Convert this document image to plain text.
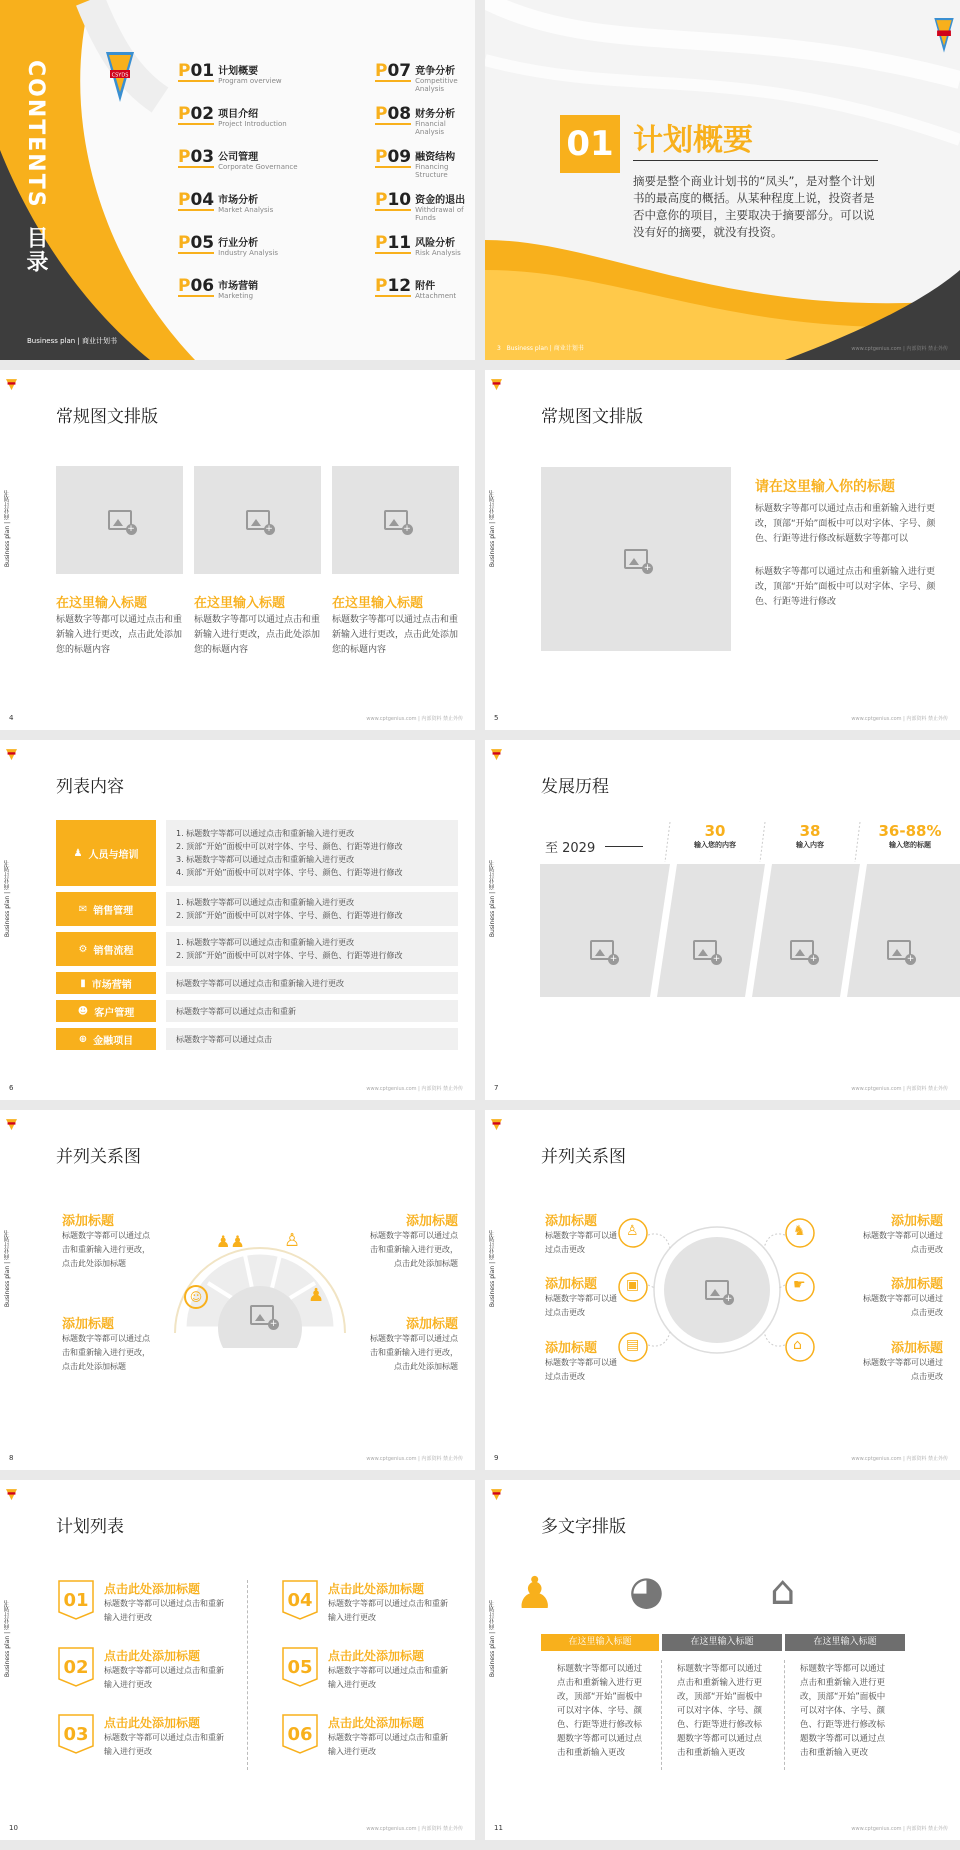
CONTENTS 目录
Business plan | 商业计划书
CSYDS	P01 计划概要
Program overview
P02 项目介绍
Project Introduction
P03 公司管理
Corporate Governance
P04 市场分析
Market Analysis
P05 行业分析
Industry Analysis
P06 市场营销
Marketing
P07 竞争分析
Competitive Analysis
P08 财务分析
Financial Analysis
P09 融资结构
Financing Structure
P10 资金的退出
Withdrawal of Funds
P11 风险分析
Risk Analysis
P12 附件
Attachment
01 计划概要
摘要是整个商业计划书的“凤头”，是对整个计划书的最高度的概括。从某种程度上说，投资者是否中意你的项目，主要取决于摘要部分。可以说没有好的摘要，就没有投资。
3 Business plan | 商业计划书	www.cptgenius.com | 内部资料 禁止外传
Business plan | 商业计划书
常规图文排版
+
在这里输入标题
标题数字等都可以通过点击和重新输入进行更改，点击此处添加您的标题内容
+
在这里输入标题
标题数字等都可以通过点击和重新输入进行更改，点击此处添加您的标题内容
+
在这里输入标题
标题数字等都可以通过点击和重新输入进行更改，点击此处添加您的标题内容
4	www.cptgenius.com | 内部资料 禁止外传
Business plan | 商业计划书
常规图文排版
+
请在这里输入你的标题
标题数字等都可以通过点击和重新输入进行更改，顶部“开始”面板中可以对字体、字号、颜色、行距等进行修改标题数字等都可以
标题数字等都可以通过点击和重新输入进行更改，顶部“开始”面板中可以对字体、字号、颜色、行距等进行修改
5	www.cptgenius.com | 内部资料 禁止外传
Business plan | 商业计划书
列表内容
♟ 人员与培训
1. 标题数字等都可以通过点击和重新输入进行更改
2. 顶部“开始”面板中可以对字体、字号、颜色、行距等进行修改
3. 标题数字等都可以通过点击和重新输入进行更改
4. 顶部“开始”面板中可以对字体、字号、颜色、行距等进行修改
✉ 销售管理
1. 标题数字等都可以通过点击和重新输入进行更改
2. 顶部“开始”面板中可以对字体、字号、颜色、行距等进行修改
⚙ 销售流程
1. 标题数字等都可以通过点击和重新输入进行更改
2. 顶部“开始”面板中可以对字体、字号、颜色、行距等进行修改
▮ 市场营销	标题数字等都可以通过点击和重新输入进行更改
☻ 客户管理	标题数字等都可以通过点击和重新
⊕ 金融项目	标题数字等都可以通过点击
6	www.cptgenius.com | 内部资料 禁止外传
Business plan | 商业计划书
发展历程
至 2029
+
+
+
+
30
输入您的内容
38
输入内容
36-88%
输入您的标题
7	www.cptgenius.com | 内部资料 禁止外传
Business plan | 商业计划书
并列关系图
+
☺
♟♟ ♙
♟
添加标题
标题数字等都可以通过点击和重新输入进行更改，点击此处添加标题
添加标题
标题数字等都可以通过点击和重新输入进行更改，点击此处添加标题
添加标题
标题数字等都可以通过点击和重新输入进行更改，点击此处添加标题
添加标题
标题数字等都可以通过点击和重新输入进行更改，点击此处添加标题
8	www.cptgenius.com | 内部资料 禁止外传
Business plan | 商业计划书
并列关系图
+
♙
▣
▤
♞
☛
⌂
添加标题
标题数字等都可以通过点击更改
添加标题
标题数字等都可以通过点击更改
添加标题
标题数字等都可以通过点击更改
添加标题
标题数字等都可以通过点击更改
添加标题
标题数字等都可以通过点击更改
添加标题
标题数字等都可以通过点击更改
9	www.cptgenius.com | 内部资料 禁止外传
Business plan | 商业计划书
计划列表
01
点击此处添加标题
标题数字等都可以通过点击和重新输入进行更改
02
点击此处添加标题
标题数字等都可以通过点击和重新输入进行更改
03
点击此处添加标题
标题数字等都可以通过点击和重新输入进行更改
04
点击此处添加标题
标题数字等都可以通过点击和重新输入进行更改
05
点击此处添加标题
标题数字等都可以通过点击和重新输入进行更改
06
点击此处添加标题
标题数字等都可以通过点击和重新输入进行更改
10	www.cptgenius.com | 内部资料 禁止外传
Business plan | 商业计划书
多文字排版
♟ ◕	⌂
在这里输入标题	在这里输入标题	在这里输入标题
标题数字等都可以通过点击和重新输入进行更改，顶部“开始”面板中可以对字体、字号、颜色、行距等进行修改标题数字等都可以通过点击和重新输入更改
标题数字等都可以通过点击和重新输入进行更改，顶部“开始”面板中可以对字体、字号、颜色、行距等进行修改标题数字等都可以通过点击和重新输入更改
标题数字等都可以通过点击和重新输入进行更改，顶部“开始”面板中可以对字体、字号、颜色、行距等进行修改标题数字等都可以通过点击和重新输入更改
11	www.cptgenius.com | 内部资料 禁止外传
